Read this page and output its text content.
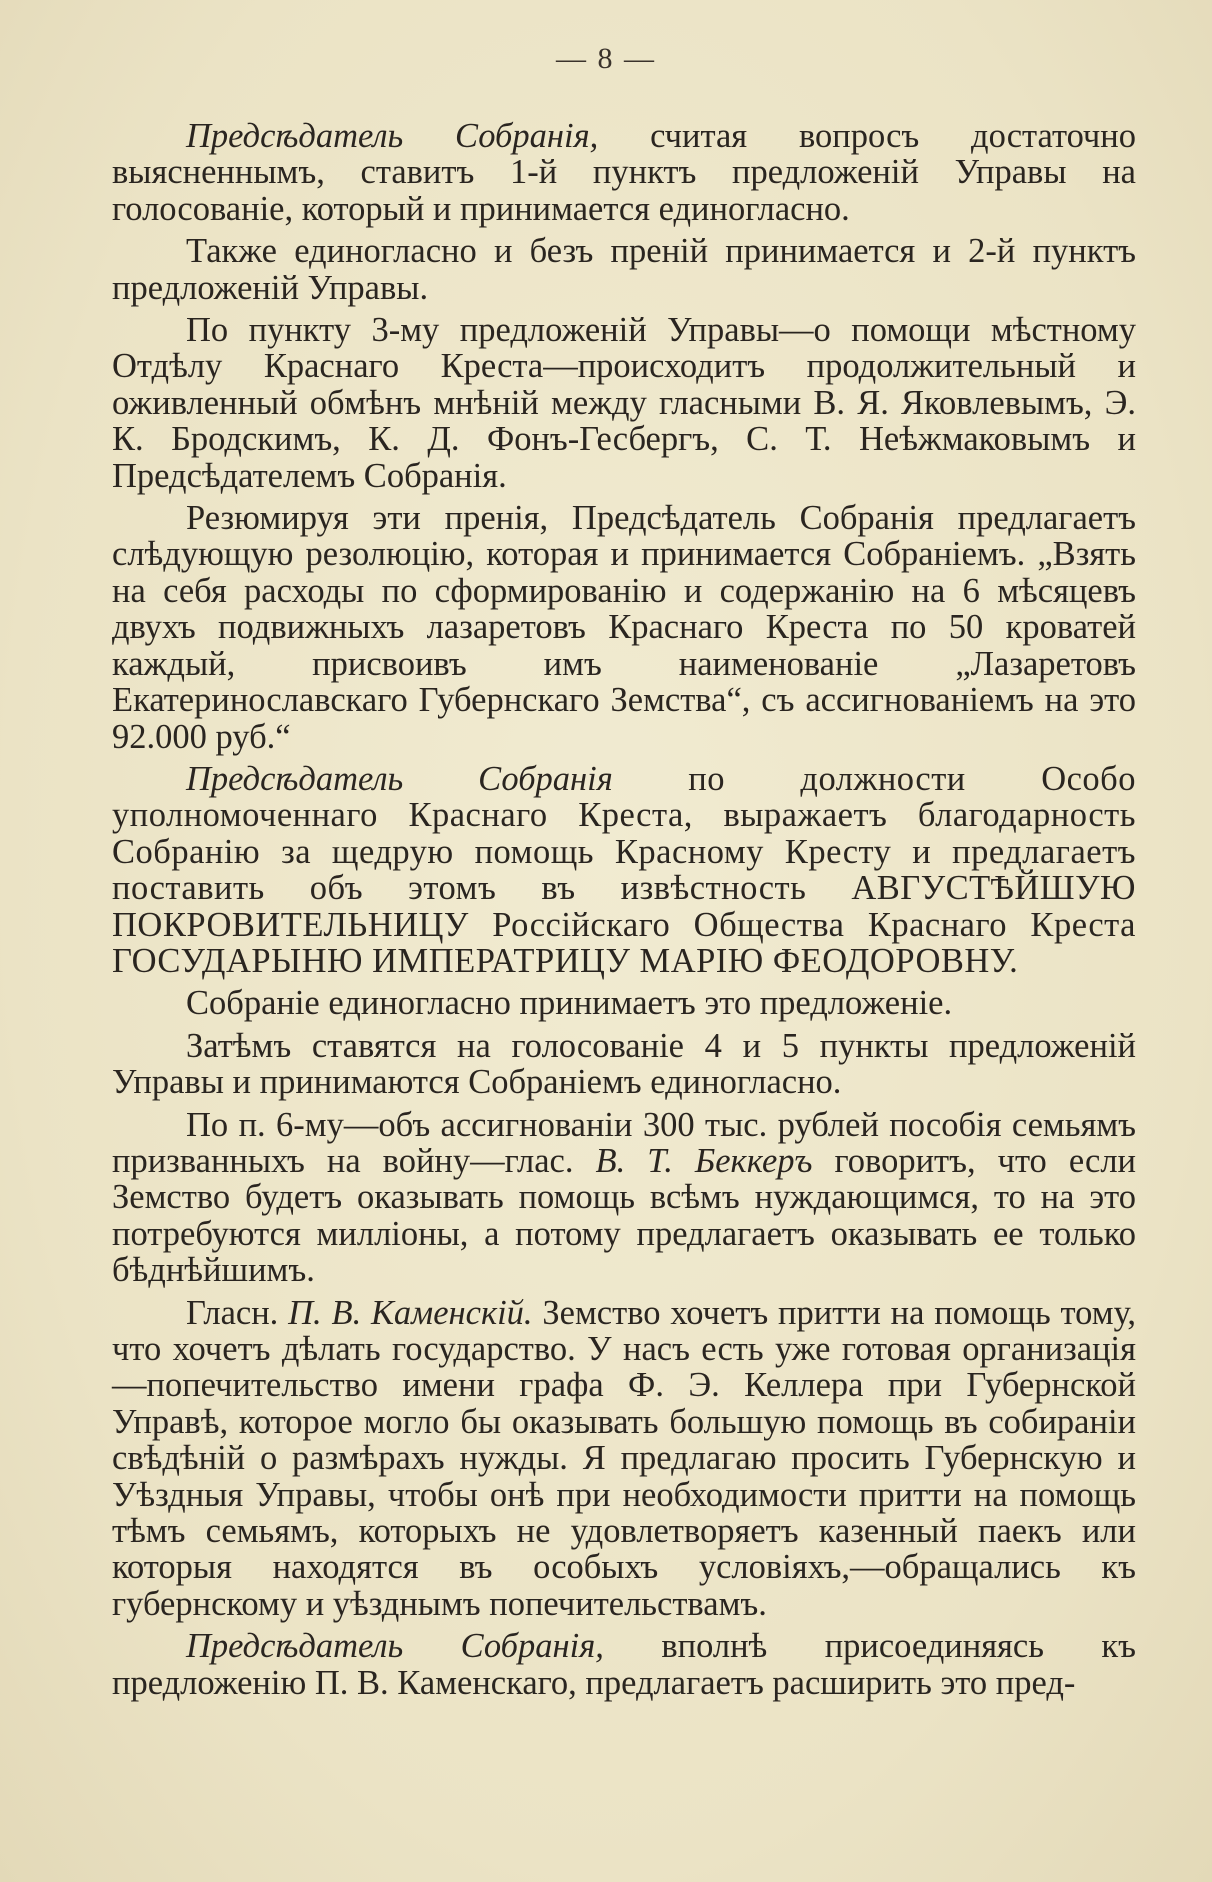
— 8 —

Предсѣдатель Собранія, считая вопросъ достаточно выясненнымъ, ставитъ 1-й пунктъ предложеній Управы на голосованіе, который и принимается единогласно.

Также единогласно и безъ преній принимается и 2-й пунктъ предложеній Управы.

По пункту 3-му предложеній Управы—о помощи мѣстному Отдѣлу Краснаго Креста—происходитъ продолжительный и оживленный обмѣнъ мнѣній между гласными В. Я. Яковлевымъ, Э. К. Бродскимъ, К. Д. Фонъ-Гесбергъ, С. Т. Неѣжмаковымъ и Предсѣдателемъ Собранія.

Резюмируя эти пренія, Предсѣдатель Собранія предлагаетъ слѣдующую резолюцію, которая и принимается Собраніемъ. „Взять на себя расходы по сформированію и содержанію на 6 мѣсяцевъ двухъ подвижныхъ лазаретовъ Краснаго Креста по 50 кроватей каждый, присвоивъ имъ наименованіе „Лазаретовъ Екатеринославскаго Губернскаго Земства“, съ ассигнованіемъ на это 92.000 руб.“

Предсѣдатель Собранія по должности Особо уполномоченнаго Краснаго Креста, выражаетъ благодарность Собранію за щедрую помощь Красному Кресту и предлагаетъ поставить объ этомъ въ извѣстность АВГУСТѢЙШУЮ ПОКРОВИТЕЛЬНИЦУ Россійскаго Общества Краснаго Креста ГОСУДАРЫНЮ ИМПЕРАТРИЦУ МАРІЮ ФЕОДОРОВНУ.

Собраніе единогласно принимаетъ это предложеніе.

Затѣмъ ставятся на голосованіе 4 и 5 пункты предложеній Управы и принимаются Собраніемъ единогласно.

По п. 6-му—объ ассигнованіи 300 тыс. рублей пособія семьямъ призванныхъ на войну—глас. В. Т. Беккеръ говоритъ, что если Земство будетъ оказывать помощь всѣмъ нуждающимся, то на это потребуются милліоны, а потому предлагаетъ оказывать ее только бѣднѣйшимъ.

Гласн. П. В. Каменскій. Земство хочетъ притти на помощь тому, что хочетъ дѣлать государство. У насъ есть уже готовая организація—попечительство имени графа Ф. Э. Келлера при Губернской Управѣ, которое могло бы оказывать большую помощь въ собираніи свѣдѣній о размѣрахъ нужды. Я предлагаю просить Губернскую и Уѣздныя Управы, чтобы онѣ при необходимости притти на помощь тѣмъ семьямъ, которыхъ не удовлетворяетъ казенный паекъ или которыя находятся въ особыхъ условіяхъ,—обращались къ губернскому и уѣзднымъ попечительствамъ.

Предсѣдатель Собранія, вполнѣ присоединяясь къ предложенію П. В. Каменскаго, предлагаетъ расширить это пред-
